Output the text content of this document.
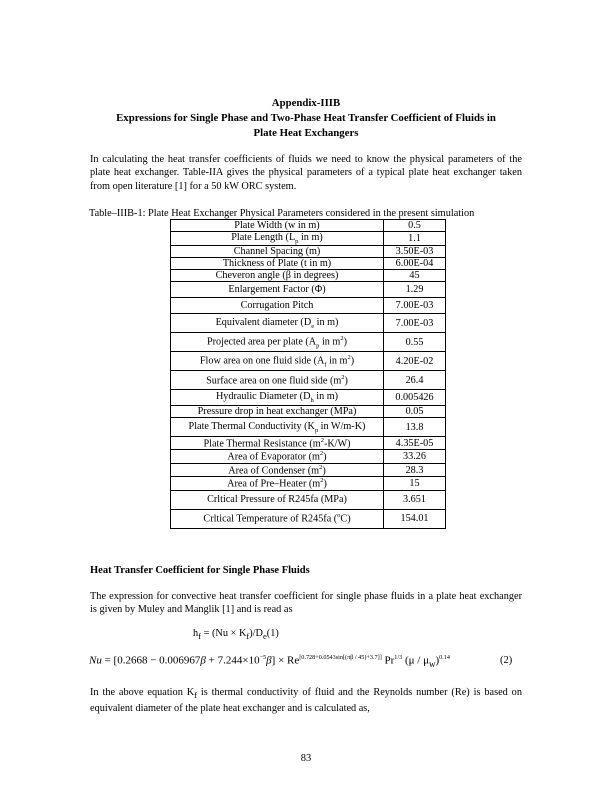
Appendix-IIIB
Expressions for Single Phase and Two-Phase Heat Transfer Coefficient of Fluids in
Plate Heat Exchangers
In calculating the heat transfer coefficients of fluids we need to know the physical parameters of the plate heat exchanger. Table-IIA gives the physical parameters of a typical plate heat exchanger taken from open literature [1] for a 50 kW ORC system.
Table–IIIB-1: Plate Heat Exchanger Physical Parameters considered in the present simulation
Plate Width (w in m)	0.5
Plate Length ($L_p$ in m)	1.1
Channel Spacing (m)	3.50E-03
Thickness of Plate (t in m)	6.00E-04
Cheveron angle (β in degrees)	45
Enlargement Factor (Φ)	1.29
Corrugation Pitch	7.00E-03
Equivalent diameter ($D_e$ in m)	7.00E-03
Projected area per plate ($A_p$ in $m^2$)	0.55
Flow area on one fluid side ($A_f$ in $m^2$)	4.20E-02
Surface area on one fluid side $(m^2)$	26.4
Hydraulic Diameter ($D_h$ in m)	0.005426
Pressure drop in heat exchanger (MPa)	0.05
Plate Thermal Conductivity ($K_p$ in W/m-K)	13.8
Plate Thermal Resistance $(m^2-K/W)$	4.35E-05
Area of Evaporator $(m^2)$	33.26
Area of Condenser $(m^2)$	28.3
Area of Pre–Heater $(m^2)$	15
Crltical Pressure of R245fa (MPa)	3.651
Crltical Temperature of R245fa ($^o$C)	154.01
Heat Transfer Coefficient for Single Phase Fluids
The expression for convective heat transfer coefficient for single phase fluids in a plate heat exchanger is given by Muley and Manglik [1] and is read as
$h_f = (Nu \times K_f)/D_e(1)$
$Nu = [0.2668 - 0.006967\beta + 7.244\times 10^{-5}\beta] \times Re[0.728+0.0543\sin[(\pi\beta / 45)+3.7]]$ $Pr^{1/3}$ $(\mu / \mu_w)^{0.14}$	(2)
In the above equation $K_f$ is thermal conductivity of fluid and the Reynolds number (Re) is based on equivalent diameter of the plate heat exchanger and is calculated as,
83
